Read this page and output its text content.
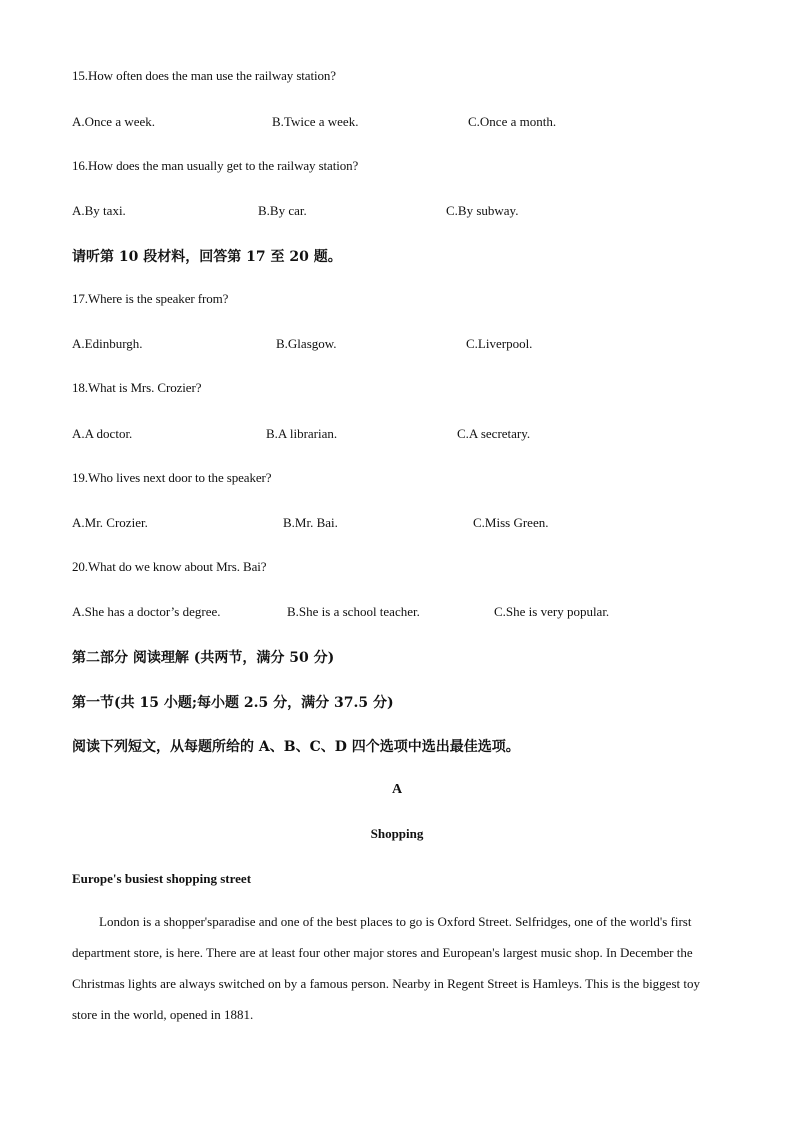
15.How often does the man use the railway station?
A.Once a week.	B.Twice a week.	C.Once a month.
16.How does the man usually get to the railway station?
A.By taxi.	B.By car.	C.By subway.
请听第 10 段材料，回答第 17 至 20 题。
17.Where is the speaker from?
A.Edinburgh.	B.Glasgow.	C.Liverpool.
18.What is Mrs. Crozier?
A.A doctor.	B.A librarian.	C.A secretary.
19.Who lives next door to the speaker?
A.Mr. Crozier.	B.Mr. Bai.	C.Miss Green.
20.What do we know about Mrs. Bai?
A.She has a doctor’s degree.	B.She is a school teacher.	C.She is very popular.
第二部分 阅读理解 (共两节，满分 50 分)
第一节(共 15 小题;每小题 2.5 分，满分 37.5 分)
阅读下列短文，从每题所给的 A、B、C、D 四个选项中选出最佳选项。
A
Shopping
Europe's busiest shopping street
London is a shopper'sparadise and one of the best places to go is Oxford Street. Selfridges, one of the world's first department store, is here. There are at least four other major stores and European's largest music shop. In December the Christmas lights are always switched on by a famous person. Nearby in Regent Street is Hamleys. This is the biggest toy store in the world, opened in 1881.
